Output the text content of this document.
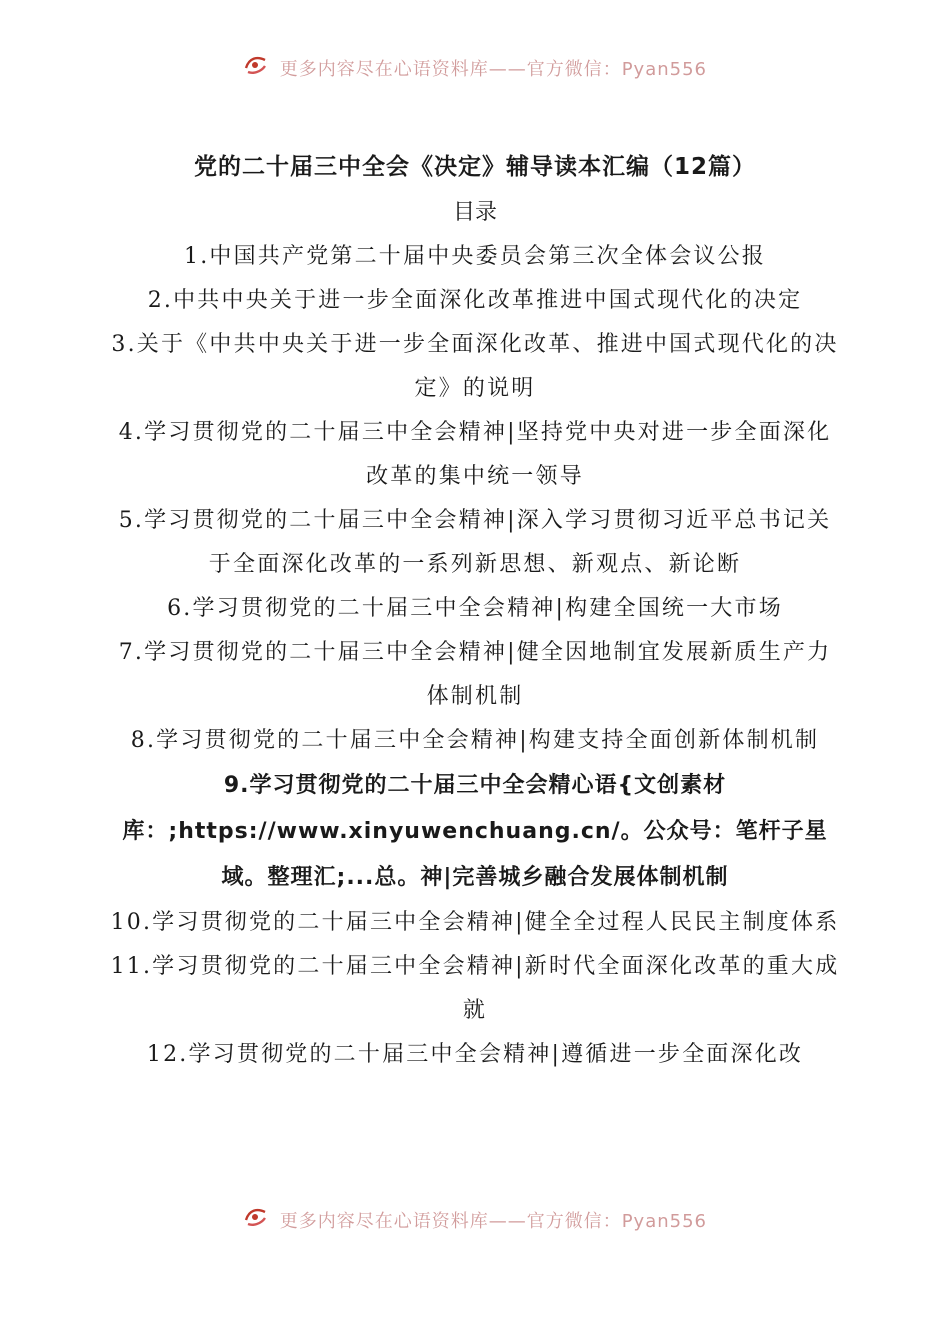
更多内容尽在心语资料库——官方微信：Pyan556
党的二十届三中全会《决定》辅导读本汇编（12篇）
目录
1.中国共产党第二十届中央委员会第三次全体会议公报
2.中共中央关于进一步全面深化改革推进中国式现代化的决定
3.关于《中共中央关于进一步全面深化改革、推进中国式现代化的决定》的说明
4.学习贯彻党的二十届三中全会精神|坚持党中央对进一步全面深化改革的集中统一领导
5.学习贯彻党的二十届三中全会精神|深入学习贯彻习近平总书记关于全面深化改革的一系列新思想、新观点、新论断
6.学习贯彻党的二十届三中全会精神|构建全国统一大市场
7.学习贯彻党的二十届三中全会精神|健全因地制宜发展新质生产力体制机制
8.学习贯彻党的二十届三中全会精神|构建支持全面创新体制机制
9.学习贯彻党的二十届三中全会精心语{文创素材库：;https://www.xinyuwenchuang.cn/。公众号：笔杆子星域。整理汇;...总。神|完善城乡融合发展体制机制
10.学习贯彻党的二十届三中全会精神|健全全过程人民民主制度体系
11.学习贯彻党的二十届三中全会精神|新时代全面深化改革的重大成就
12.学习贯彻党的二十届三中全会精神|遵循进一步全面深化改
更多内容尽在心语资料库——官方微信：Pyan556
